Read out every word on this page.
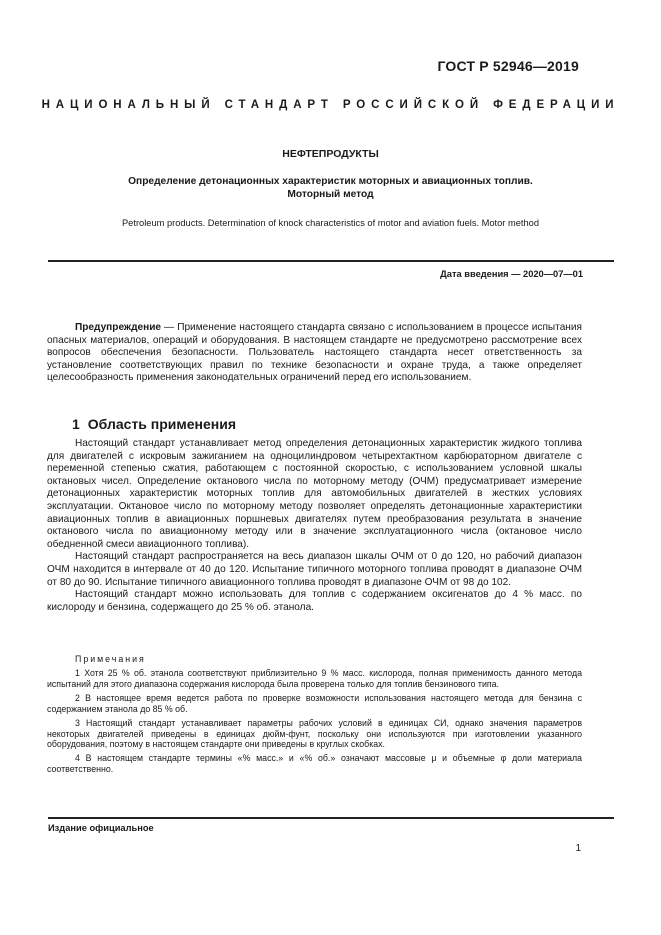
ГОСТ Р 52946—2019
НАЦИОНАЛЬНЫЙ СТАНДАРТ РОССИЙСКОЙ ФЕДЕРАЦИИ
НЕФТЕПРОДУКТЫ
Определение детонационных характеристик моторных и авиационных топлив.
Моторный метод
Petroleum products. Determination of knock characteristics of motor and aviation fuels. Motor method
Дата введения — 2020—07—01
Предупреждение — Применение настоящего стандарта связано с использованием в процессе испытания опасных материалов, операций и оборудования. В настоящем стандарте не предусмотрено рассмотрение всех вопросов обеспечения безопасности. Пользователь настоящего стандарта несет ответственность за установление соответствующих правил по технике безопасности и охране труда, а также определяет целесообразность применения законодательных ограничений перед его использованием.
1 Область применения

Настоящий стандарт устанавливает метод определения детонационных характеристик жидкого топлива для двигателей с искровым зажиганием на одноцилиндровом четырехтактном карбюраторном двигателе с переменной степенью сжатия, работающем с постоянной скоростью, с использованием условной шкалы октановых чисел. Определение октанового числа по моторному методу (ОЧМ) предусматривает измерение детонационных характеристик моторных топлив для автомобильных двигателей в жестких условиях эксплуатации. Октановое число по моторному методу позволяет определять детонационные характеристики авиационных топлив в авиационных поршневых двигателях путем преобразования результата в значение октанового числа по авиационному методу или в значение эксплуатационного числа (октановое число обедненной смеси авиационного топлива).

Настоящий стандарт распространяется на весь диапазон шкалы ОЧМ от 0 до 120, но рабочий диапазон ОЧМ находится в интервале от 40 до 120. Испытание типичного моторного топлива проводят в диапазоне ОЧМ от 80 до 90. Испытание типичного авиационного топлива проводят в диапазоне ОЧМ от 98 до 102.

Настоящий стандарт можно использовать для топлив с содержанием оксигенатов до 4 % масс. по кислороду и бензина, содержащего до 25 % об. этанола.

Примечания

1 Хотя 25 % об. этанола соответствуют приблизительно 9 % масс. кислорода, полная применимость данного метода испытаний для этого диапазона содержания кислорода была проверена только для топлив бензинового типа.

2 В настоящее время ведется работа по проверке возможности использования настоящего метода для бензина с содержанием этанола до 85 % об.

3 Настоящий стандарт устанавливает параметры рабочих условий в единицах СИ, однако значения параметров некоторых двигателей приведены в единицах дюйм-фунт, поскольку они используются при изготовлении указанного оборудования, поэтому в настоящем стандарте они приведены в круглых скобках.

4 В настоящем стандарте термины «% масс.» и «% об.» означают массовые μ и объемные φ доли материала соответственно.

Издание официальное
1
